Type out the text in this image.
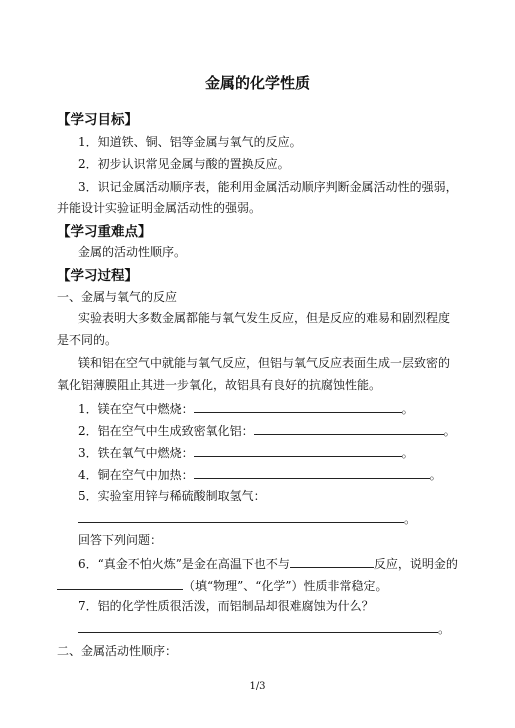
金属的化学性质
【学习目标】
1．知道铁、铜、铝等金属与氧气的反应。
2．初步认识常见金属与酸的置换反应。
3．识记金属活动顺序表，能利用金属活动顺序判断金属活动性的强弱，
并能设计实验证明金属活动性的强弱。
【学习重难点】
金属的活动性顺序。
【学习过程】
一、金属与氧气的反应
实验表明大多数金属都能与氧气发生反应，但是反应的难易和剧烈程度
是不同的。
镁和铝在空气中就能与氧气反应，但铝与氧气反应表面生成一层致密的
氧化铝薄膜阻止其进一步氧化，故铝具有良好的抗腐蚀性能。
1．镁在空气中燃烧：	。
2．铝在空气中生成致密氧化铝：	。
3．铁在氧气中燃烧：	。
4．铜在空气中加热：	。
5．实验室用锌与稀硫酸制取氢气：
。
回答下列问题：
6．“真金不怕火炼”是金在高温下也不与	反应，说明金的
（填“物理”、“化学”）性质非常稳定。
7．铝的化学性质很活泼，而铝制品却很难腐蚀为什么？
。
二、金属活动性顺序：
1/3
